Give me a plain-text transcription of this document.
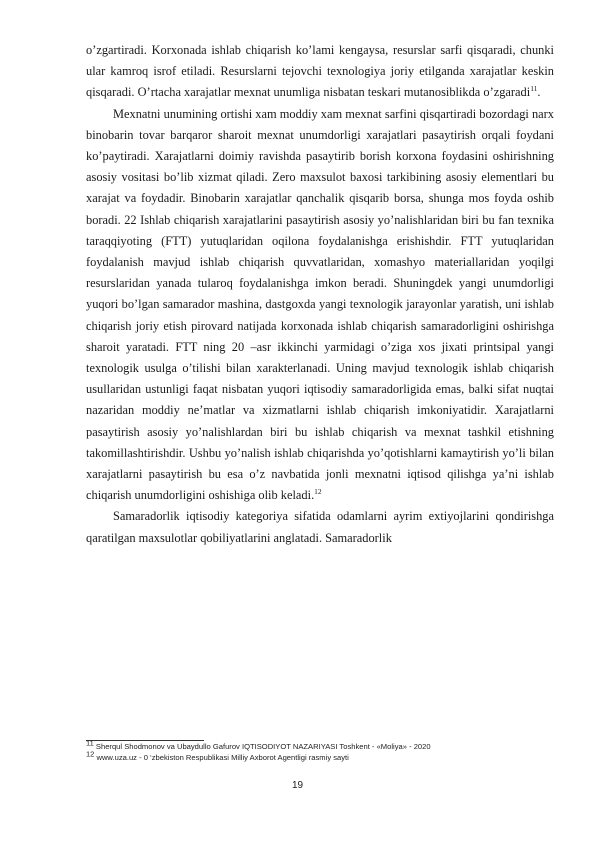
o’zgartiradi. Korxonada ishlab chiqarish ko’lami kengaysa, resurslar sarfi qisqaradi, chunki ular kamroq isrof etiladi. Resurslarni tejovchi texnologiya joriy etilganda xarajatlar keskin qisqaradi. O’rtacha xarajatlar mexnat unumliga nisbatan teskari mutanosiblikda o’zgaradi$^{11}$.

Mexnatni unumining ortishi xam moddiy xam mexnat sarfini qisqartiradi bozordagi narx binobarin tovar barqaror sharoit mexnat unumdorligi xarajatlari pasaytirish orqali foydani ko’paytiradi. Xarajatlarni doimiy ravishda pasaytirib borish korxona foydasini oshirishning asosiy vositasi bo’lib xizmat qiladi. Zero maxsulot baxosi tarkibining asosiy elementlari bu xarajat va foydadir. Binobarin xarajatlar qanchalik qisqarib borsa, shunga mos foyda oshib boradi. 22 Ishlab chiqarish xarajatlarini pasaytirish asosiy yo’nalishlaridan biri bu fan texnika taraqqiyoting (FTT) yutuqlaridan oqilona foydalanishga erishishdir. FTT yutuqlaridan foydalanish mavjud ishlab chiqarish quvvatlaridan, xomashyo materiallaridan yoqilgi resurslaridan yanada tularoq foydalanishga imkon beradi. Shuningdek yangi unumdorligi yuqori bo’lgan samarador mashina, dastgoxda yangi texnologik jarayonlar yaratish, uni ishlab chiqarish joriy etish pirovard natijada korxonada ishlab chiqarish samaradorligini oshirishga sharoit yaratadi. FTT ning 20 –asr ikkinchi yarmidagi o’ziga xos jixati printsipal yangi texnologik usulga o’tilishi bilan xarakterlanadi. Uning mavjud texnologik ishlab chiqarish usullaridan ustunligi faqat nisbatan yuqori iqtisodiy samaradorligida emas, balki sifat nuqtai nazaridan moddiy ne’matlar va xizmatlarni ishlab chiqarish imkoniyatidir. Xarajatlarni pasaytirish asosiy yo’nalishlardan biri bu ishlab chiqarish va mexnat tashkil etishning takomillashtirishdir. Ushbu yo’nalish ishlab chiqarishda yo’qotishlarni kamaytirish yo’li bilan xarajatlarni pasaytirish bu esa o’z navbatida jonli mexnatni iqtisod qilishga ya’ni ishlab chiqarish unumdorligini oshishiga olib keladi.$^{12}$

Samaradorlik iqtisodiy kategoriya sifatida odamlarni ayrim extiyojlarini qondirishga qaratilgan maxsulotlar qobiliyatlarini anglatadi. Samaradorlik

$^{11}$ Sherqul Shodmonov va Ubaydullo Gafurov IQTISODIYOT NAZARIYASI Toshkent - «Moliya» - 2020
$^{12}$ www.uza.uz - 0 ‘zbekiston Respublikasi Milliy Axborot Agentligi rasmiy sayti
19
